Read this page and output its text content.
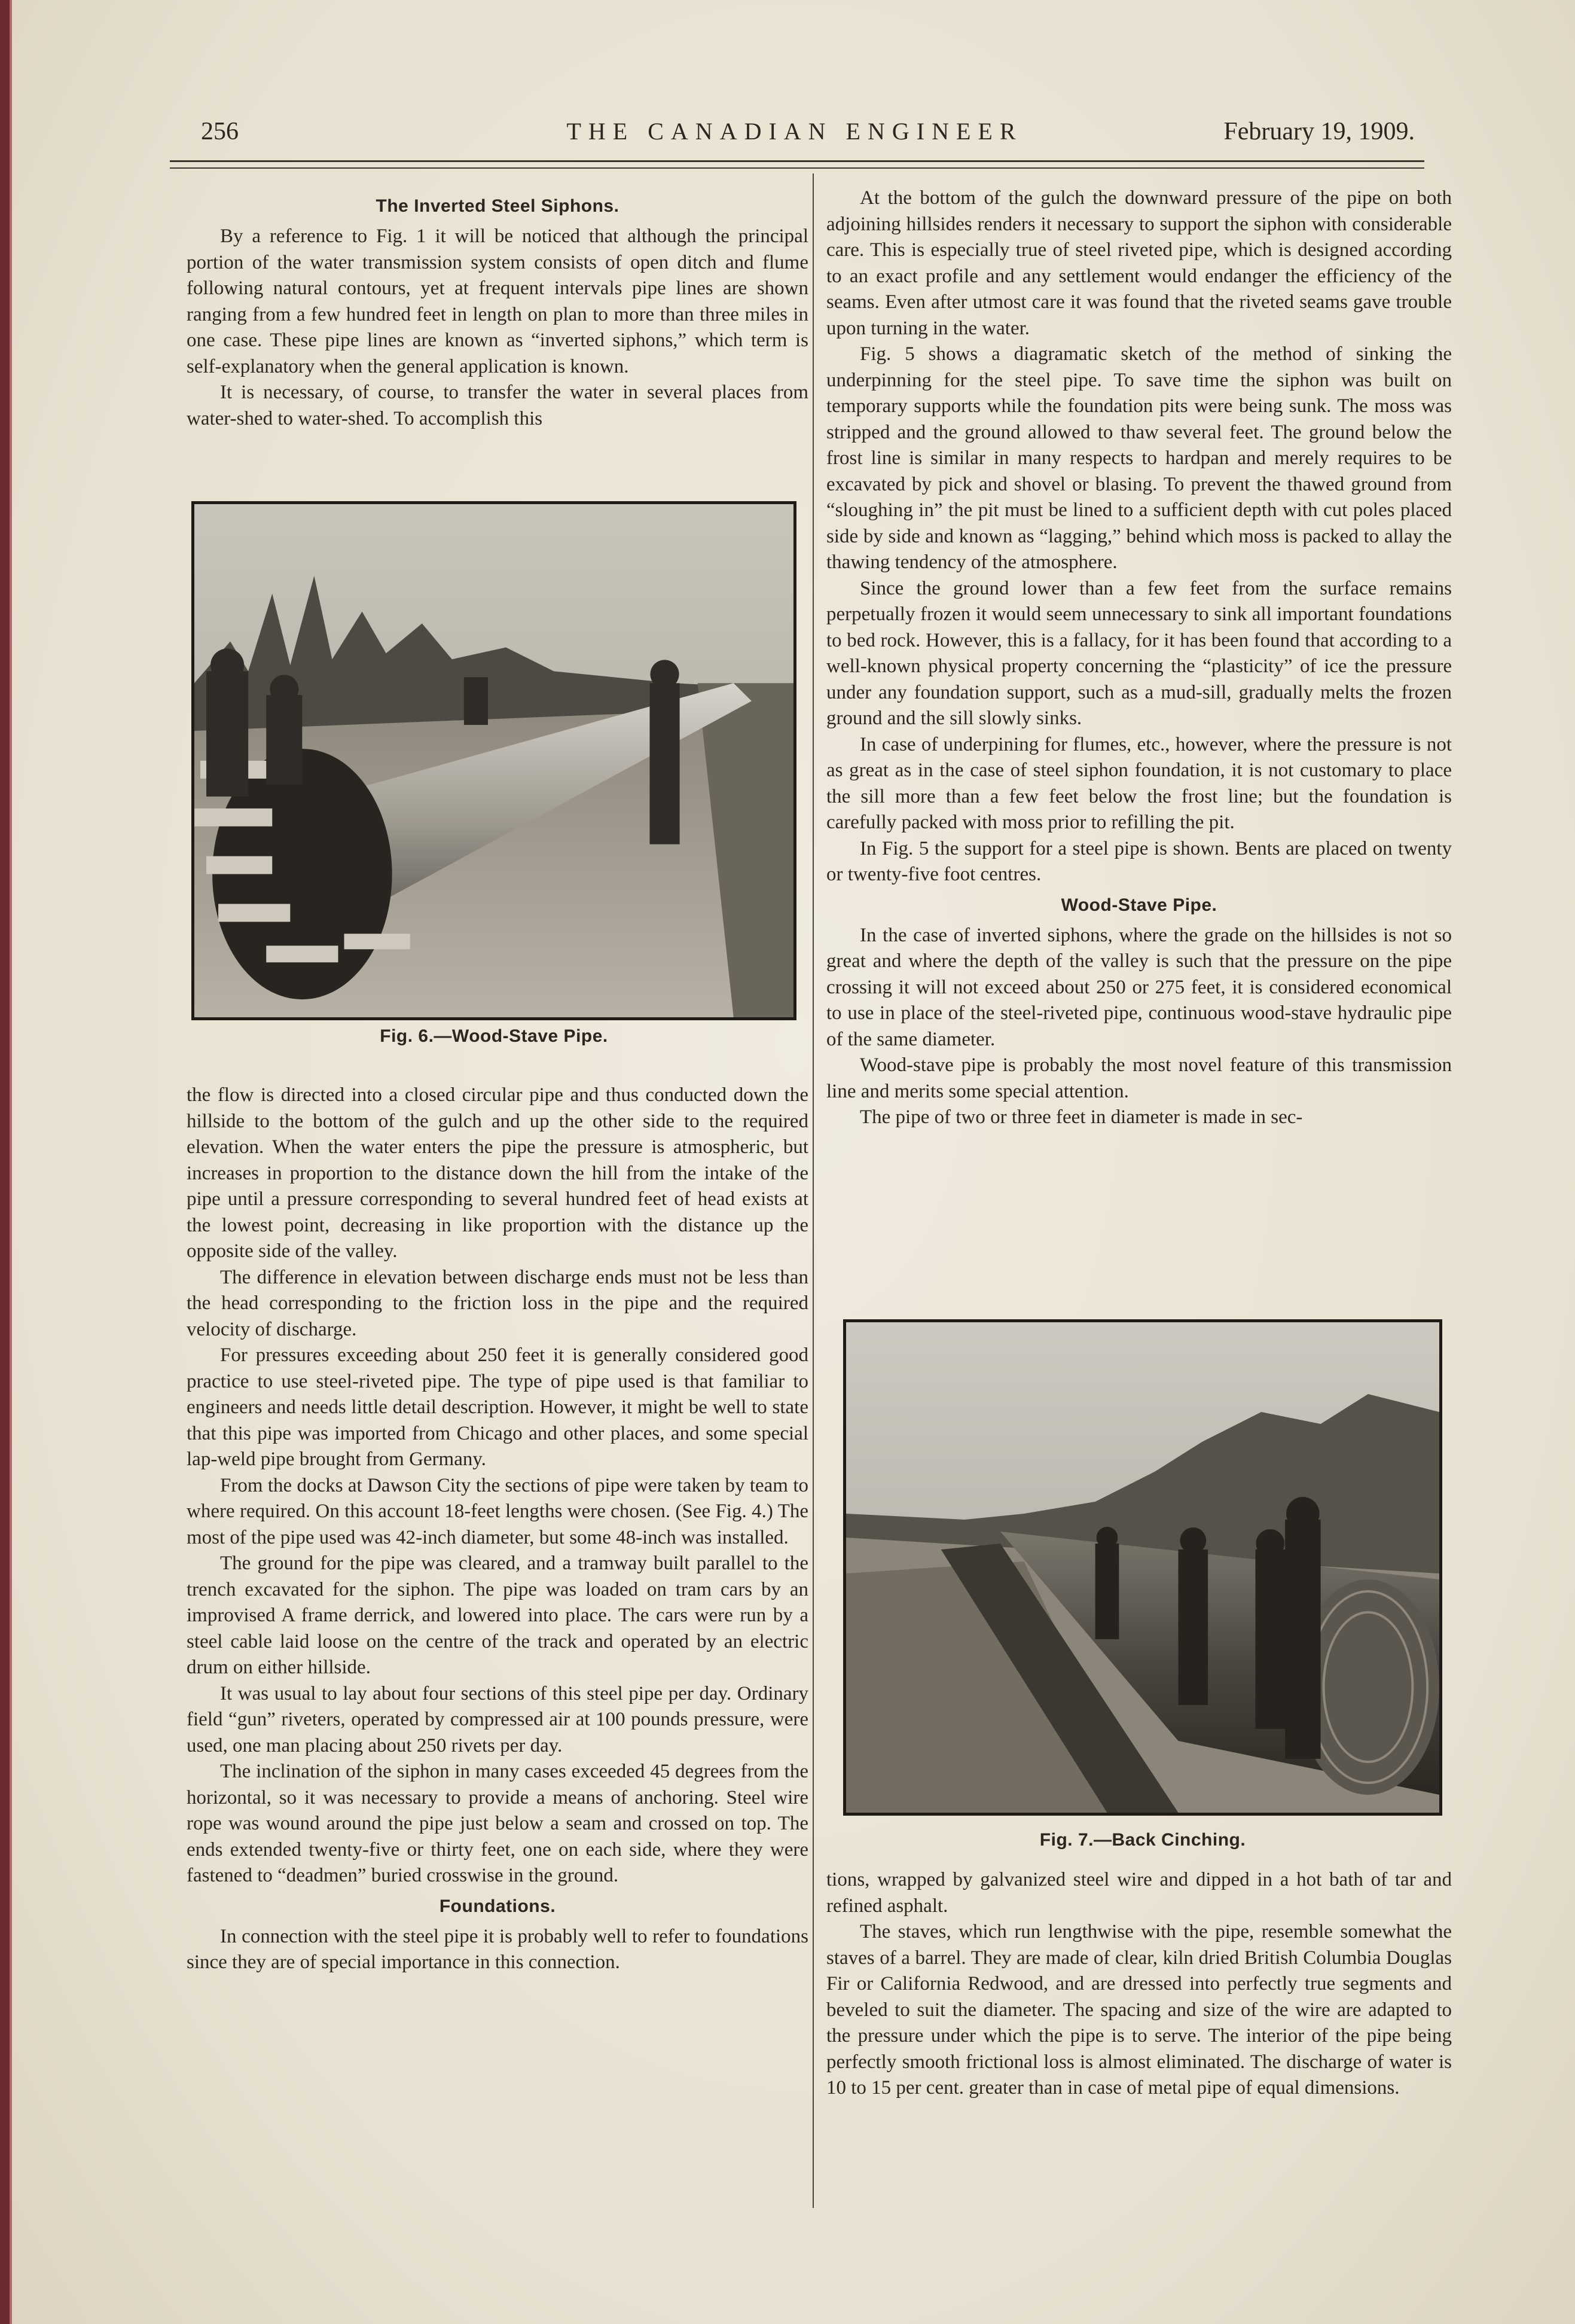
256	THE CANADIAN ENGINEER	February 19, 1909.
The Inverted Steel Siphons.

By a reference to Fig. 1 it will be noticed that although the principal portion of the water transmission system consists of open ditch and flume following natural contours, yet at frequent intervals pipe lines are shown ranging from a few hundred feet in length on plan to more than three miles in one case. These pipe lines are known as “inverted siphons,” which term is self-explanatory when the general application is known.

It is necessary, of course, to transfer the water in several places from water-shed to water-shed. To accomplish this

Fig. 6.—Wood-Stave Pipe.

the flow is directed into a closed circular pipe and thus conducted down the hillside to the bottom of the gulch and up the other side to the required elevation. When the water enters the pipe the pressure is atmospheric, but increases in proportion to the distance down the hill from the intake of the pipe until a pressure corresponding to several hundred feet of head exists at the lowest point, decreasing in like proportion with the distance up the opposite side of the valley.

The difference in elevation between discharge ends must not be less than the head corresponding to the friction loss in the pipe and the required velocity of discharge.

For pressures exceeding about 250 feet it is generally considered good practice to use steel-riveted pipe. The type of pipe used is that familiar to engineers and needs little detail description. However, it might be well to state that this pipe was imported from Chicago and other places, and some special lap-weld pipe brought from Germany.

From the docks at Dawson City the sections of pipe were taken by team to where required. On this account 18-feet lengths were chosen. (See Fig. 4.) The most of the pipe used was 42-inch diameter, but some 48-inch was installed.

The ground for the pipe was cleared, and a tramway built parallel to the trench excavated for the siphon. The pipe was loaded on tram cars by an improvised A frame derrick, and lowered into place. The cars were run by a steel cable laid loose on the centre of the track and operated by an electric drum on either hillside.

It was usual to lay about four sections of this steel pipe per day. Ordinary field “gun” riveters, operated by compressed air at 100 pounds pressure, were used, one man placing about 250 rivets per day.

The inclination of the siphon in many cases exceeded 45 degrees from the horizontal, so it was necessary to provide a means of anchoring. Steel wire rope was wound around the pipe just below a seam and crossed on top. The ends extended twenty-five or thirty feet, one on each side, where they were fastened to “deadmen” buried crosswise in the ground.

Foundations.

In connection with the steel pipe it is probably well to refer to foundations since they are of special importance in this connection.

At the bottom of the gulch the downward pressure of the pipe on both adjoining hillsides renders it necessary to support the siphon with considerable care. This is especially true of steel riveted pipe, which is designed according to an exact profile and any settlement would endanger the efficiency of the seams. Even after utmost care it was found that the riveted seams gave trouble upon turning in the water.

Fig. 5 shows a diagramatic sketch of the method of sinking the underpinning for the steel pipe. To save time the siphon was built on temporary supports while the foundation pits were being sunk. The moss was stripped and the ground allowed to thaw several feet. The ground below the frost line is similar in many respects to hardpan and merely requires to be excavated by pick and shovel or blasing. To prevent the thawed ground from “sloughing in” the pit must be lined to a sufficient depth with cut poles placed side by side and known as “lagging,” behind which moss is packed to allay the thawing tendency of the atmosphere.

Since the ground lower than a few feet from the surface remains perpetually frozen it would seem unnecessary to sink all important foundations to bed rock. However, this is a fallacy, for it has been found that according to a well-known physical property concerning the “plasticity” of ice the pressure under any foundation support, such as a mud-sill, gradually melts the frozen ground and the sill slowly sinks.

In case of underpining for flumes, etc., however, where the pressure is not as great as in the case of steel siphon foundation, it is not customary to place the sill more than a few feet below the frost line; but the foundation is carefully packed with moss prior to refilling the pit.

In Fig. 5 the support for a steel pipe is shown. Bents are placed on twenty or twenty-five foot centres.

Wood-Stave Pipe.

In the case of inverted siphons, where the grade on the hillsides is not so great and where the depth of the valley is such that the pressure on the pipe crossing it will not exceed about 250 or 275 feet, it is considered economical to use in place of the steel-riveted pipe, continuous wood-stave hydraulic pipe of the same diameter.

Wood-stave pipe is probably the most novel feature of this transmission line and merits some special attention.

The pipe of two or three feet in diameter is made in sec-

Fig. 7.—Back Cinching.

tions, wrapped by galvanized steel wire and dipped in a hot bath of tar and refined asphalt.

The staves, which run lengthwise with the pipe, resemble somewhat the staves of a barrel. They are made of clear, kiln dried British Columbia Douglas Fir or California Redwood, and are dressed into perfectly true segments and beveled to suit the diameter. The spacing and size of the wire are adapted to the pressure under which the pipe is to serve. The interior of the pipe being perfectly smooth frictional loss is almost eliminated. The discharge of water is 10 to 15 per cent. greater than in case of metal pipe of equal dimensions.
